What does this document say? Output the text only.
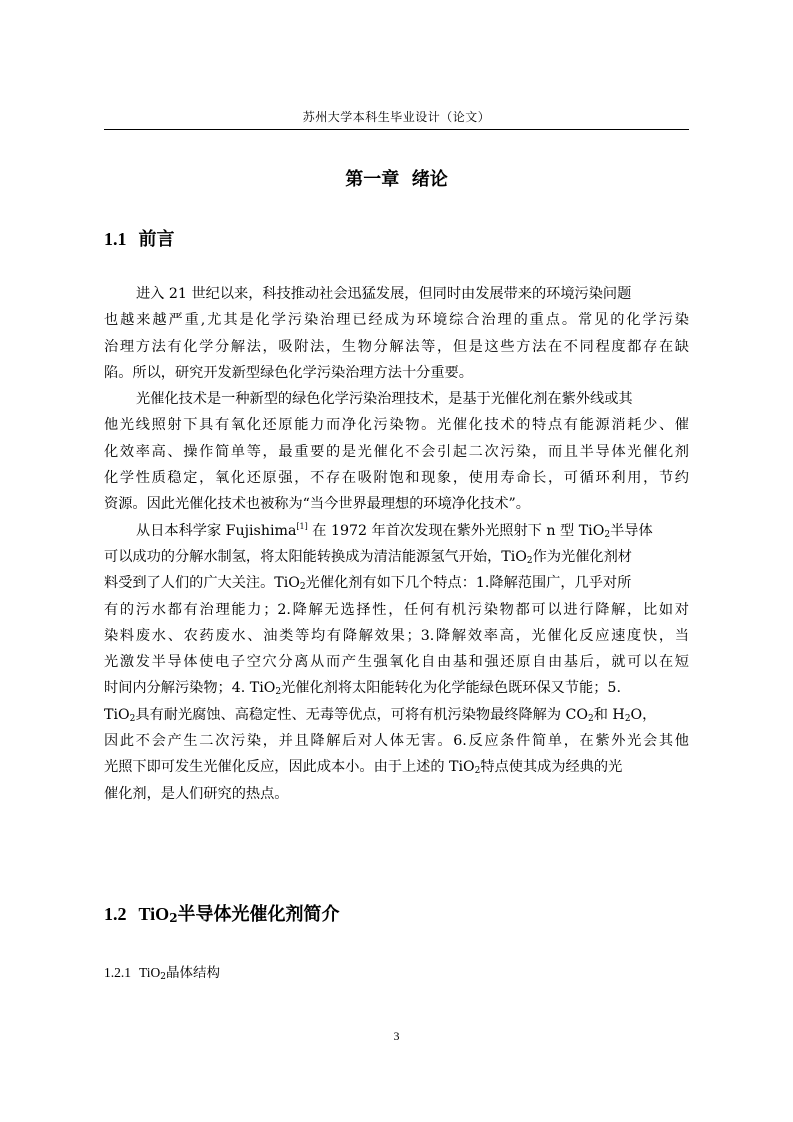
苏州大学本科生毕业设计（论文）
第一章  绪论
1.1 前言
进入 21 世纪以来，科技推动社会迅猛发展，但同时由发展带来的环境污染问题
也越来越严重,尤其是化学污染治理已经成为环境综合治理的重点。常见的化学污染
治理方法有化学分解法，吸附法，生物分解法等，但是这些方法在不同程度都存在缺
陷。所以，研究开发新型绿色化学污染治理方法十分重要。
光催化技术是一种新型的绿色化学污染治理技术，是基于光催化剂在紫外线或其
他光线照射下具有氧化还原能力而净化污染物。光催化技术的特点有能源消耗少、催
化效率高、操作简单等，最重要的是光催化不会引起二次污染，而且半导体光催化剂
化学性质稳定，氧化还原强，不存在吸附饱和现象，使用寿命长，可循环利用，节约
资源。因此光催化技术也被称为“当今世界最理想的环境净化技术”。
从日本科学家 Fujishima[1] 在 1972 年首次发现在紫外光照射下 n 型 TiO$_2$半导体
可以成功的分解水制氢，将太阳能转换成为清洁能源氢气开始，TiO$_2$作为光催化剂材
料受到了人们的广大关注。TiO$_2$光催化剂有如下几个特点：1.降解范围广，几乎对所
有的污水都有治理能力；2.降解无选择性，任何有机污染物都可以进行降解，比如对
染料废水、农药废水、油类等均有降解效果；3.降解效率高，光催化反应速度快，当
光激发半导体使电子空穴分离从而产生强氧化自由基和强还原自由基后，就可以在短
时间内分解污染物；4. TiO$_2$光催化剂将太阳能转化为化学能绿色既环保又节能；5.
TiO$_2$具有耐光腐蚀、高稳定性、无毒等优点，可将有机污染物最终降解为 $CO_2$和 $H_2O$，
因此不会产生二次污染，并且降解后对人体无害。6.反应条件简单，在紫外光会其他
光照下即可发生光催化反应，因此成本小。由于上述的 TiO$_2$特点使其成为经典的光
催化剂，是人们研究的热点。
1.2 TiO$_2$半导体光催化剂简介
1.2.1 TiO$_2$晶体结构
3
